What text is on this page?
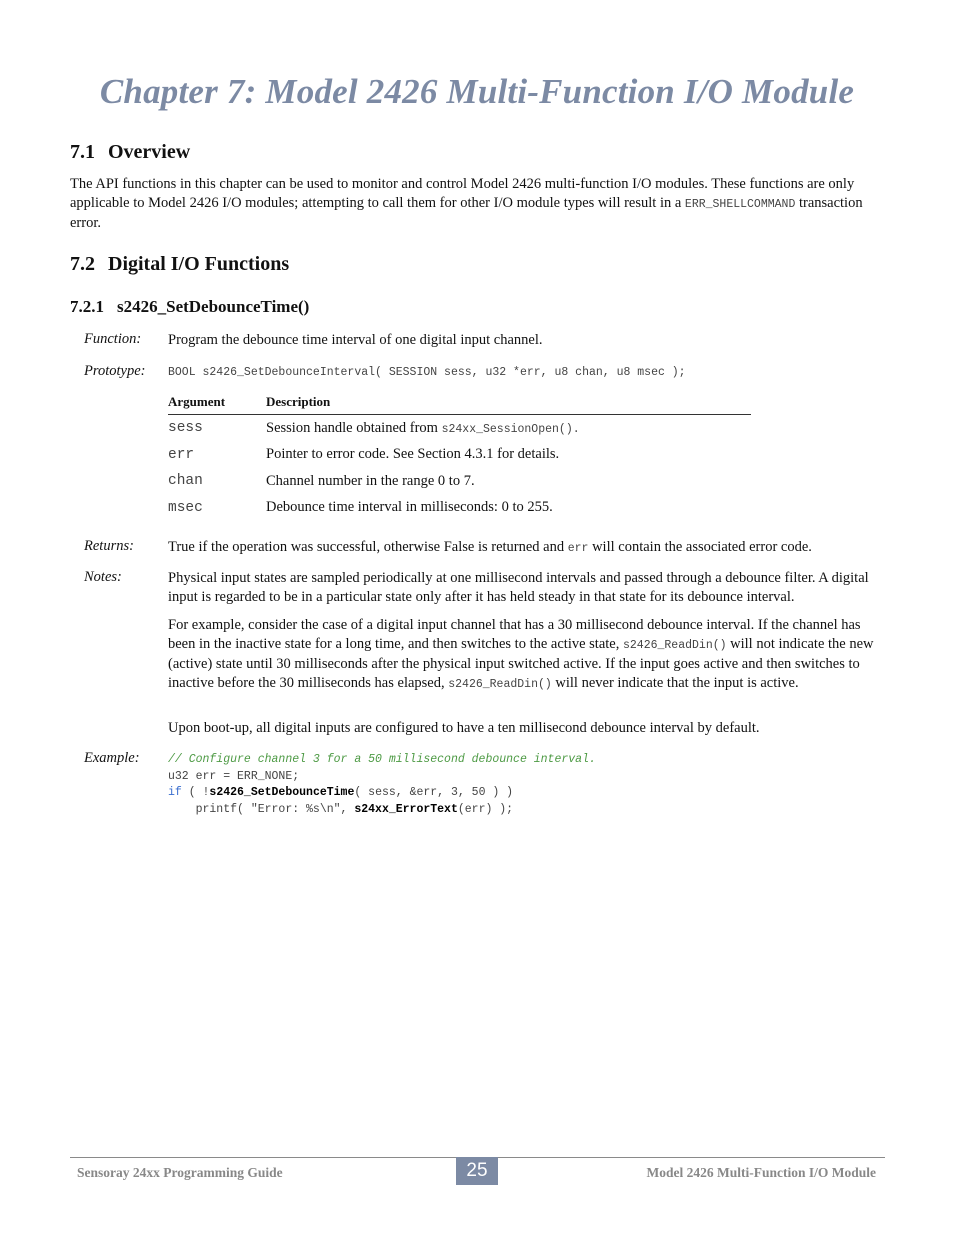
Chapter 7: Model 2426 Multi-Function I/O Module
7.1 Overview

The API functions in this chapter can be used to monitor and control Model 2426 multi-function I/O modules. These functions are only applicable to Model 2426 I/O modules; attempting to call them for other I/O module types will result in a ERR_SHELLCOMMAND transaction error.

7.2 Digital I/O Functions
7.2.1 s2426_SetDebounceTime()
Function: Program the debounce time interval of one digital input channel.

Prototype: BOOL s2426_SetDebounceInterval( SESSION sess, u32 *err, u8 chan, u8 msec );
Argument	Description
sess	Session handle obtained from s24xx_SessionOpen().
err	Pointer to error code. See Section 4.3.1 for details.
chan	Channel number in the range 0 to 7.
msec	Debounce time interval in milliseconds: 0 to 255.
Returns: True if the operation was successful, otherwise False is returned and err will contain the associated error code.

Notes:	Physical input states are sampled periodically at one millisecond intervals and passed through a debounce filter. A digital input is regarded to be in a particular state only after it has held steady in that state for its debounce interval.

For example, consider the case of a digital input channel that has a 30 millisecond debounce interval. If the channel has been in the inactive state for a long time, and then switches to the active state, s2426_ReadDin() will not indicate the new (active) state until 30 milliseconds after the physical input switched active. If the input goes active and then switches to inactive before the 30 milliseconds has elapsed, s2426_ReadDin() will never indicate that the input is active.

Upon boot-up, all digital inputs are configured to have a ten millisecond debounce interval by default.

Example: // Configure channel 3 for a 50 millisecond debounce interval.
u32 err = ERR_NONE;
if ( !s2426_SetDebounceTime( sess, &err, 3, 50 ) )
printf( "Error: %s\n", s24xx_ErrorText(err) );
25
Sensoray 24xx Programming Guide	Model 2426 Multi-Function I/O Module
